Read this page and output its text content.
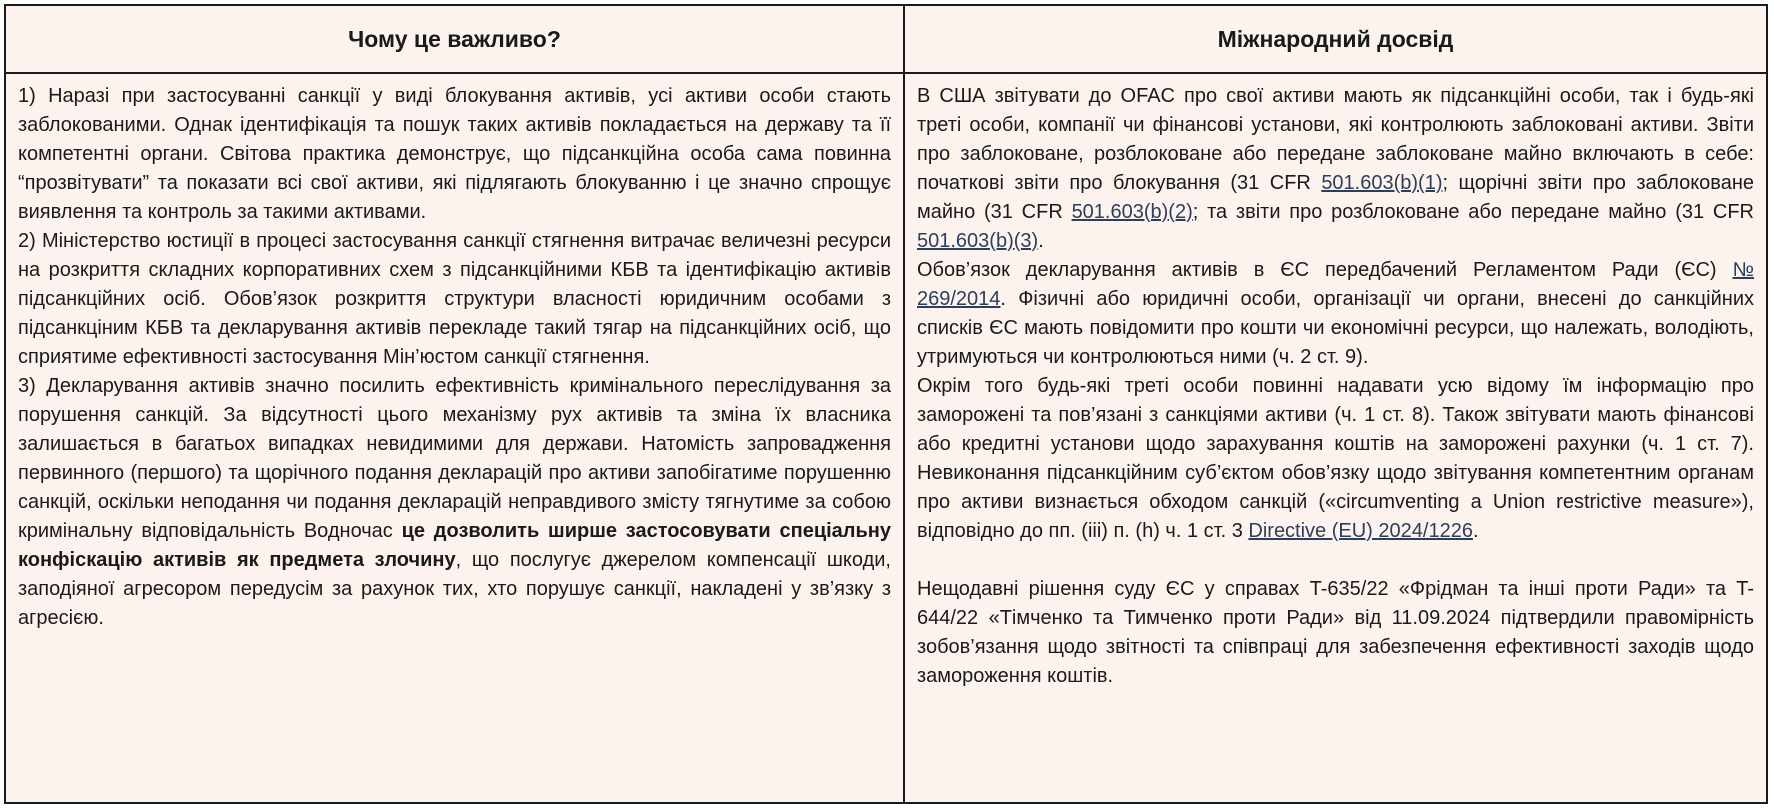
Чому це важливо?

1) Наразі при застосуванні санкції у виді блокування активів, усі активи особи стають заблокованими. Однак ідентифікація та пошук таких активів покладається на державу та її компетентні органи. Світова практика демонструє, що підсанкційна особа сама повинна “прозвітувати” та показати всі свої активи, які підлягають блокуванню і це значно спрощує виявлення та контроль за такими активами.

2) Міністерство юстиції в процесі застосування санкції стягнення витрачає величезні ресурси на розкриття складних корпоративних схем з підсанкційними КБВ та ідентифікацію активів підсанкційних осіб. Обов’язок розкриття структури власності юридичним особами з підсанкціним КБВ та декларування активів перекладе такий тягар на підсанкційних осіб, що сприятиме ефективності застосування Мін’юстом санкції стягнення.

3) Декларування активів значно посилить ефективність кримінального переслідування за порушення санкцій. За відсутності цього механізму рух активів та зміна їх власника залишається в багатьох випадках невидимими для держави. Натомість запровадження первинного (першого) та щорічного подання декларацій про активи запобігатиме порушенню санкцій, оскільки неподання чи подання декларацій неправдивого змісту тягнутиме за собою кримінальну відповідальність Водночас це дозволить ширше застосовувати спеціальну конфіскацію активів як предмета злочину, що послугує джерелом компенсації шкоди, заподіяної агресором передусім за рахунок тих, хто порушує санкції, накладені у зв’язку з агресією.

Міжнародний досвід

В США звітувати до OFAC про свої активи мають як підсанкційні особи, так і будь-які треті особи, компанії чи фінансові установи, які контролюють заблоковані активи. Звіти про заблоковане, розблоковане або передане заблоковане майно включають в себе: початкові звіти про блокування (31 CFR 501.603(b)(1); щорічні звіти про заблоковане майно (31 CFR 501.603(b)(2); та звіти про розблоковане або передане майно (31 CFR 501.603(b)(3).

Обов’язок декларування активів в ЄС передбачений Регламентом Ради (ЄС) № 269/2014. Фізичні або юридичні особи, організації чи органи, внесені до санкційних списків ЄС мають повідомити про кошти чи економічні ресурси, що належать, володіють, утримуються чи контролюються ними (ч. 2 ст. 9).

Окрім того будь-які треті особи повинні надавати усю відому їм інформацію про заморожені та пов’язані з санкціями активи (ч. 1 ст. 8). Також звітувати мають фінансові або кредитні установи щодо зарахування коштів на заморожені рахунки (ч. 1 ст. 7). Невиконання підсанкційним суб’єктом обов’язку щодо звітування компетентним органам про активи визнається обходом санкцій («circumventing a Union restrictive measure»), відповідно до пп. (iii) п. (h) ч. 1 ст. 3 Directive (EU) 2024/1226.

Нещодавні рішення суду ЄС у справах T-635/22 «Фрідман та інші проти Ради» та T-644/22 «Тімченко та Тимченко проти Ради» від 11.09.2024 підтвердили правомірність зобов’язання щодо звітності та співпраці для забезпечення ефективності заходів щодо замороження коштів.
